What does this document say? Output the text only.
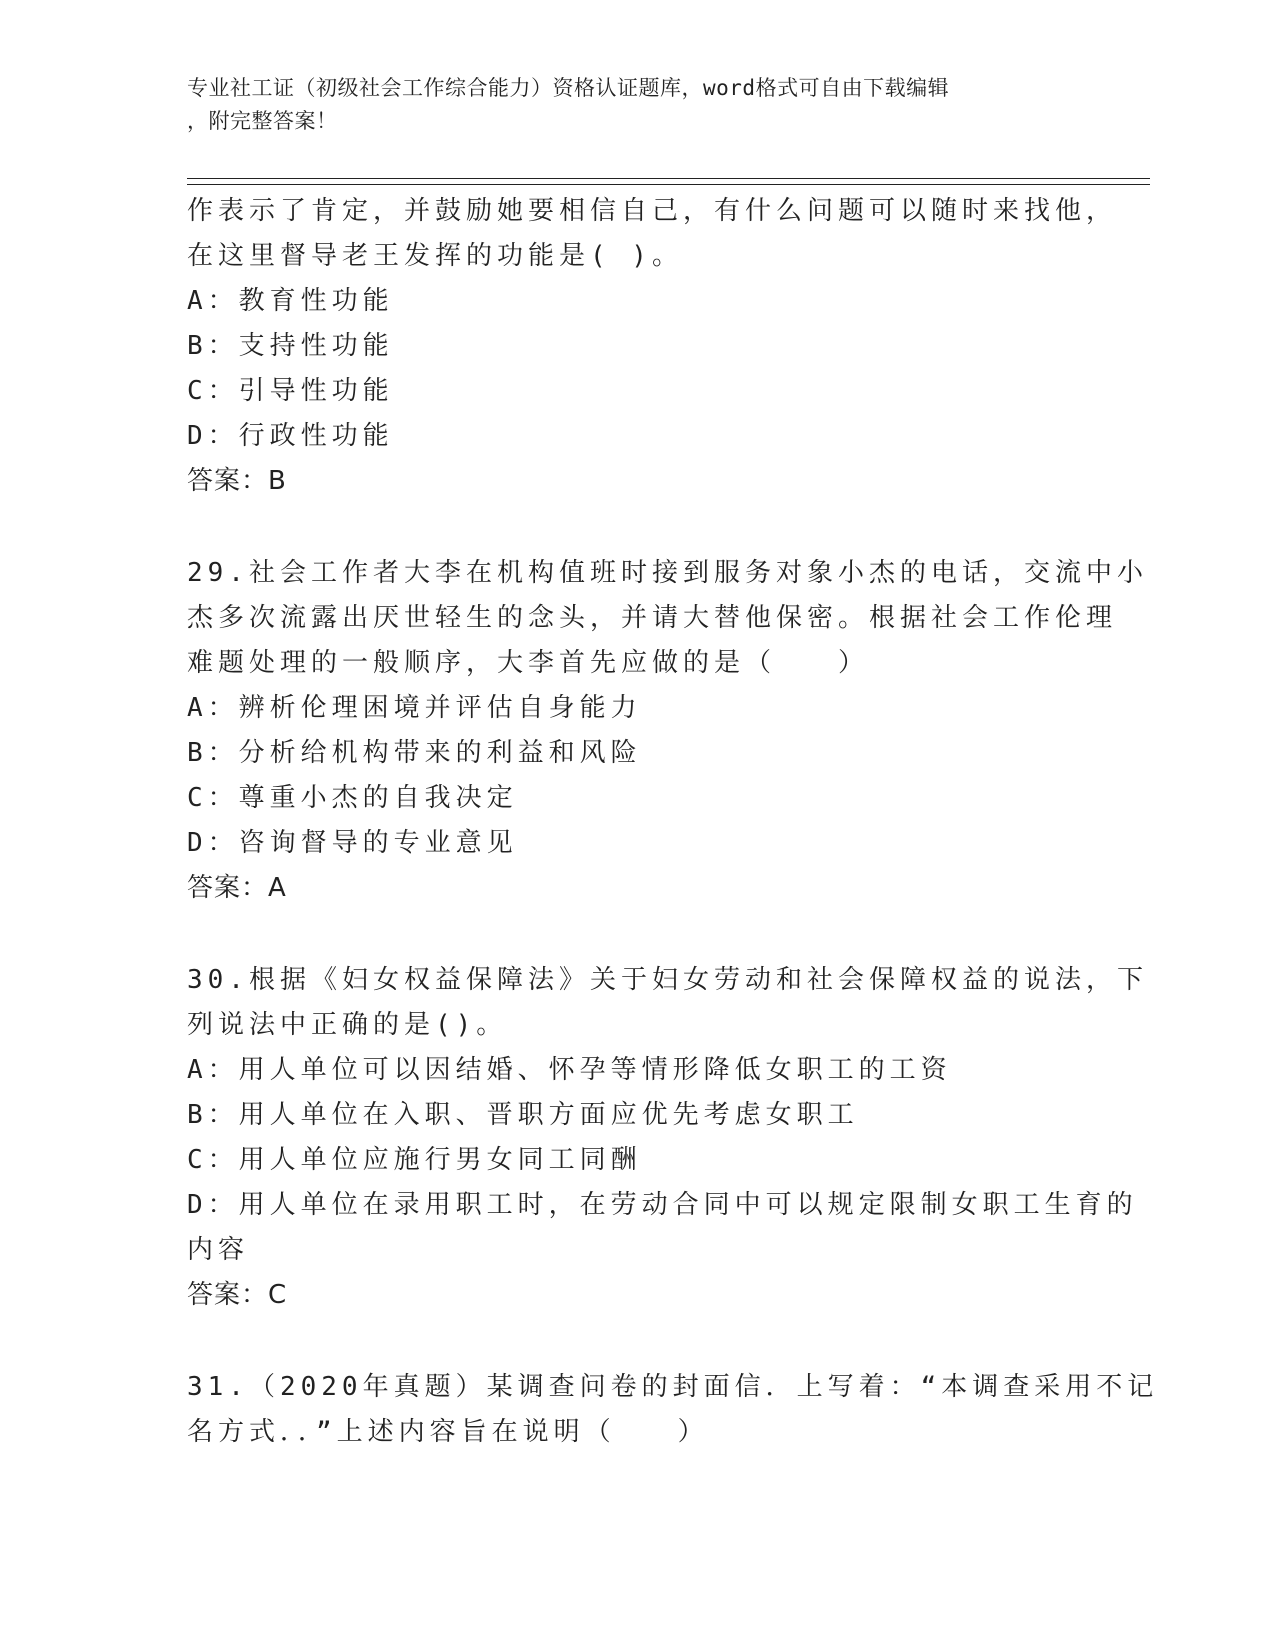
专业社工证（初级社会工作综合能力）资格认证题库，word格式可自由下载编辑
，附完整答案！
作表示了肯定，并鼓励她要相信自己，有什么问题可以随时来找他，
在这里督导老王发挥的功能是( )。
A：教育性功能
B：支持性功能
C：引导性功能
D：行政性功能
答案：B
29.社会工作者大李在机构值班时接到服务对象小杰的电话，交流中小
杰多次流露出厌世轻生的念头，并请大替他保密。根据社会工作伦理
难题处理的一般顺序，大李首先应做的是（　　）
A：辨析伦理困境并评估自身能力
B：分析给机构带来的利益和风险
C：尊重小杰的自我决定
D：咨询督导的专业意见
答案：A
30.根据《妇女权益保障法》关于妇女劳动和社会保障权益的说法，下
列说法中正确的是()。
A：用人单位可以因结婚、怀孕等情形降低女职工的工资
B：用人单位在入职、晋职方面应优先考虑女职工
C：用人单位应施行男女同工同酬
D：用人单位在录用职工时，在劳动合同中可以规定限制女职工生育的
内容
答案：C
31.（2020年真题）某调查问卷的封面信．上写着：“本调查采用不记
名方式．．”上述内容旨在说明（　　）
